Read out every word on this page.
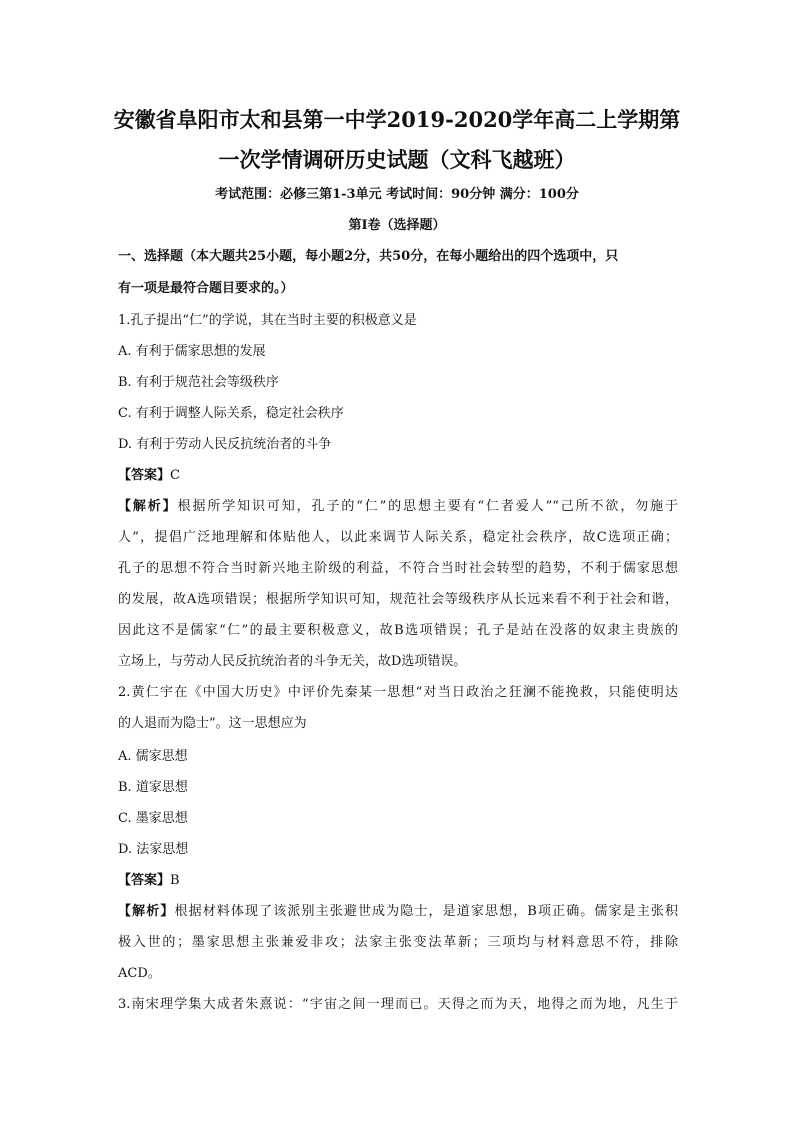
安徽省阜阳市太和县第一中学2019-2020学年高二上学期第
一次学情调研历史试题（文科飞越班）
考试范围：必修三第1-3单元 考试时间：90分钟 满分：100分
第I卷（选择题）
一、选择题（本大题共25小题，每小题2分，共50分，在每小题给出的四个选项中，只
有一项是最符合题目要求的。）
1.孔子提出“仁”的学说，其在当时主要的积极意义是
A. 有利于儒家思想的发展
B. 有利于规范社会等级秩序
C. 有利于调整人际关系，稳定社会秩序
D. 有利于劳动人民反抗统治者的斗争
【答案】C
【解析】根据所学知识可知，孔子的“仁”的思想主要有“仁者爱人”“己所不欲，勿施于
人”，提倡广泛地理解和体贴他人，以此来调节人际关系，稳定社会秩序，故C选项正确；
孔子的思想不符合当时新兴地主阶级的利益，不符合当时社会转型的趋势，不利于儒家思想
的发展，故A选项错误；根据所学知识可知，规范社会等级秩序从长远来看不利于社会和谐，
因此这不是儒家“仁”的最主要积极意义，故B选项错误；孔子是站在没落的奴隶主贵族的
立场上，与劳动人民反抗统治者的斗争无关，故D选项错误。
2.黄仁宇在《中国大历史》中评价先秦某一思想“对当日政治之狂澜不能挽救，只能使明达
的人退而为隐士”。这一思想应为
A. 儒家思想
B. 道家思想
C. 墨家思想
D. 法家思想
【答案】B
【解析】根据材料体现了该派别主张避世成为隐士，是道家思想，B项正确。儒家是主张积
极入世的；墨家思想主张兼爱非攻；法家主张变法革新；三项均与材料意思不符，排除
ACD。
3.南宋理学集大成者朱熹说：“宇宙之间一理而已。天得之而为天，地得之而为地，凡生于
